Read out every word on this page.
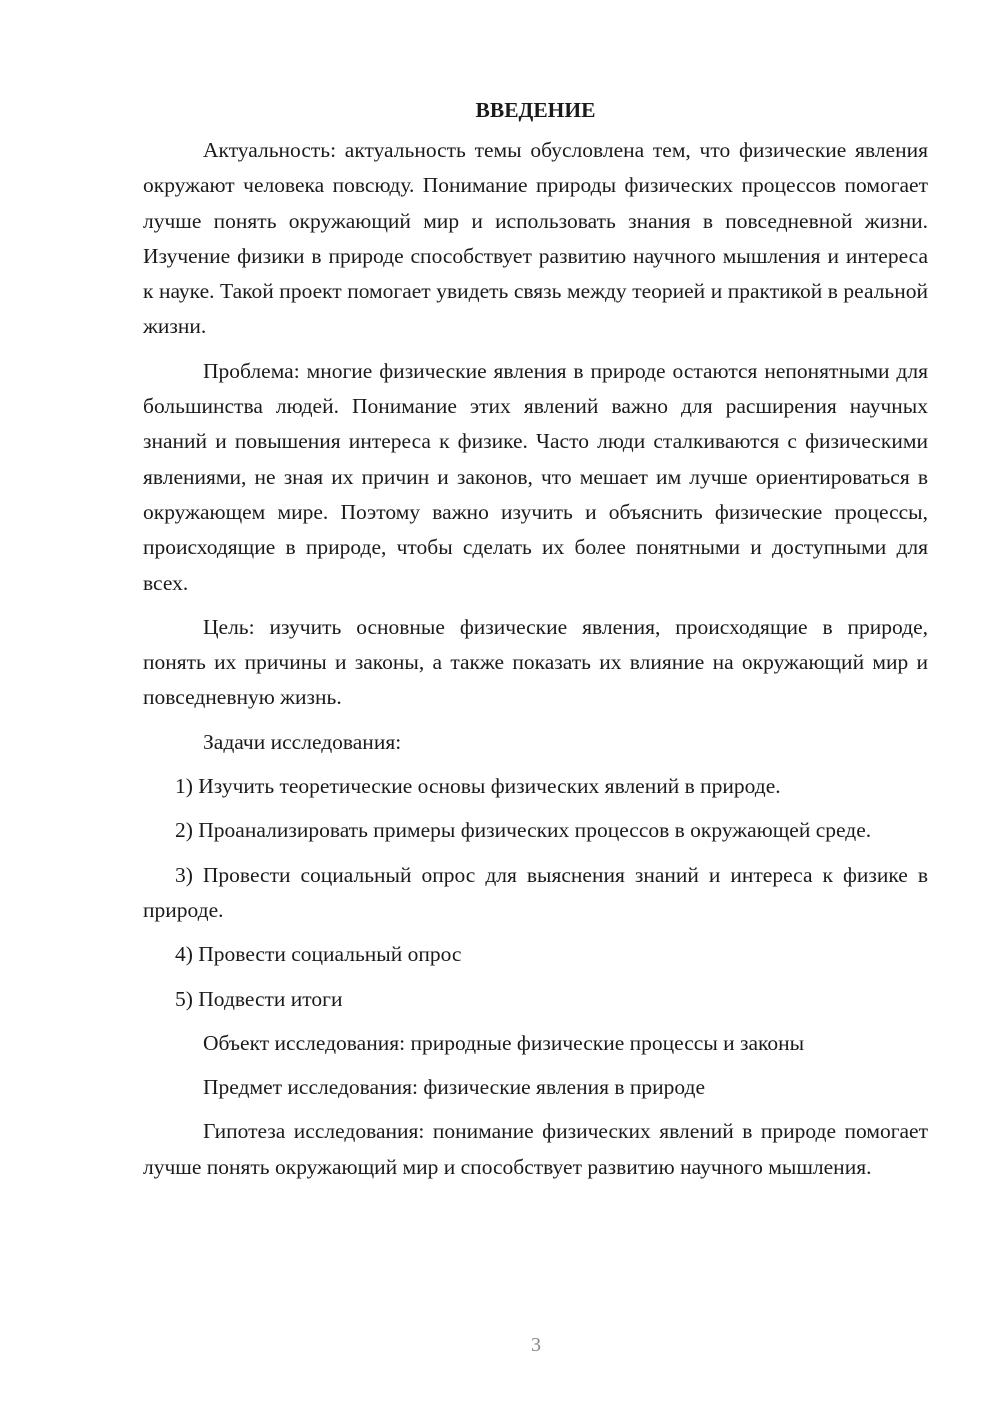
ВВЕДЕНИЕ

Актуальность: актуальность темы обусловлена тем, что физические явления окружают человека повсюду. Понимание природы физических процессов помогает лучше понять окружающий мир и использовать знания в повседневной жизни. Изучение физики в природе способствует развитию научного мышления и интереса к науке. Такой проект помогает увидеть связь между теорией и практикой в реальной жизни.

Проблема: многие физические явления в природе остаются непонятными для большинства людей. Понимание этих явлений важно для расширения научных знаний и повышения интереса к физике. Часто люди сталкиваются с физическими явлениями, не зная их причин и законов, что мешает им лучше ориентироваться в окружающем мире. Поэтому важно изучить и объяснить физические процессы, происходящие в природе, чтобы сделать их более понятными и доступными для всех.

Цель: изучить основные физические явления, происходящие в природе, понять их причины и законы, а также показать их влияние на окружающий мир и повседневную жизнь.

Задачи исследования:

1) Изучить теоретические основы физических явлений в природе.

2) Проанализировать примеры физических процессов в окружающей среде.

3) Провести социальный опрос для выяснения знаний и интереса к физике в природе.

4) Провести социальный опрос

5) Подвести итоги

Объект исследования: природные физические процессы и законы

Предмет исследования: физические явления в природе

Гипотеза исследования: понимание физических явлений в природе помогает лучше понять окружающий мир и способствует развитию научного мышления.

3
